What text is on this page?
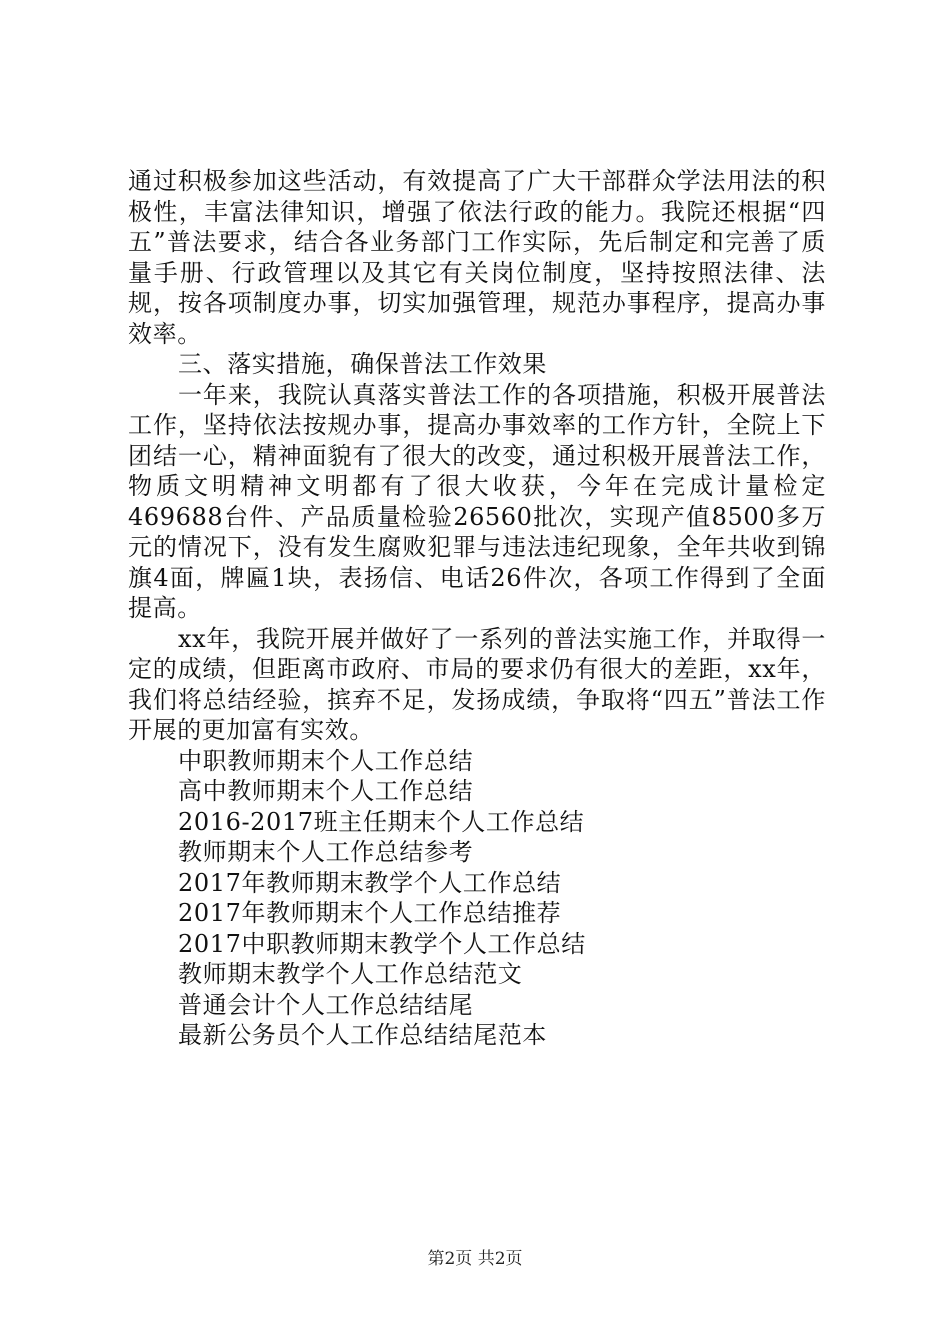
通过积极参加这些活动，有效提高了广大干部群众学法用法的积极性，丰富法律知识，增强了依法行政的能力。我院还根据“四五”普法要求，结合各业务部门工作实际，先后制定和完善了质量手册、行政管理以及其它有关岗位制度，坚持按照法律、法规，按各项制度办事，切实加强管理，规范办事程序，提高办事效率。

三、落实措施，确保普法工作效果

一年来，我院认真落实普法工作的各项措施，积极开展普法工作，坚持依法按规办事，提高办事效率的工作方针，全院上下团结一心，精神面貌有了很大的改变，通过积极开展普法工作，物质文明精神文明都有了很大收获，今年在完成计量检定469688台件、产品质量检验26560批次，实现产值8500多万元的情况下，没有发生腐败犯罪与违法违纪现象，全年共收到锦旗4面，牌匾1块，表扬信、电话26件次，各项工作得到了全面提高。

xx年，我院开展并做好了一系列的普法实施工作，并取得一定的成绩，但距离市政府、市局的要求仍有很大的差距，xx年，我们将总结经验，摈弃不足，发扬成绩，争取将“四五”普法工作开展的更加富有实效。

中职教师期末个人工作总结
高中教师期末个人工作总结
2016-2017班主任期末个人工作总结
教师期末个人工作总结参考
2017年教师期末教学个人工作总结
2017年教师期末个人工作总结推荐
2017中职教师期末教学个人工作总结
教师期末教学个人工作总结范文
普通会计个人工作总结结尾
最新公务员个人工作总结结尾范本
第2页 共2页
